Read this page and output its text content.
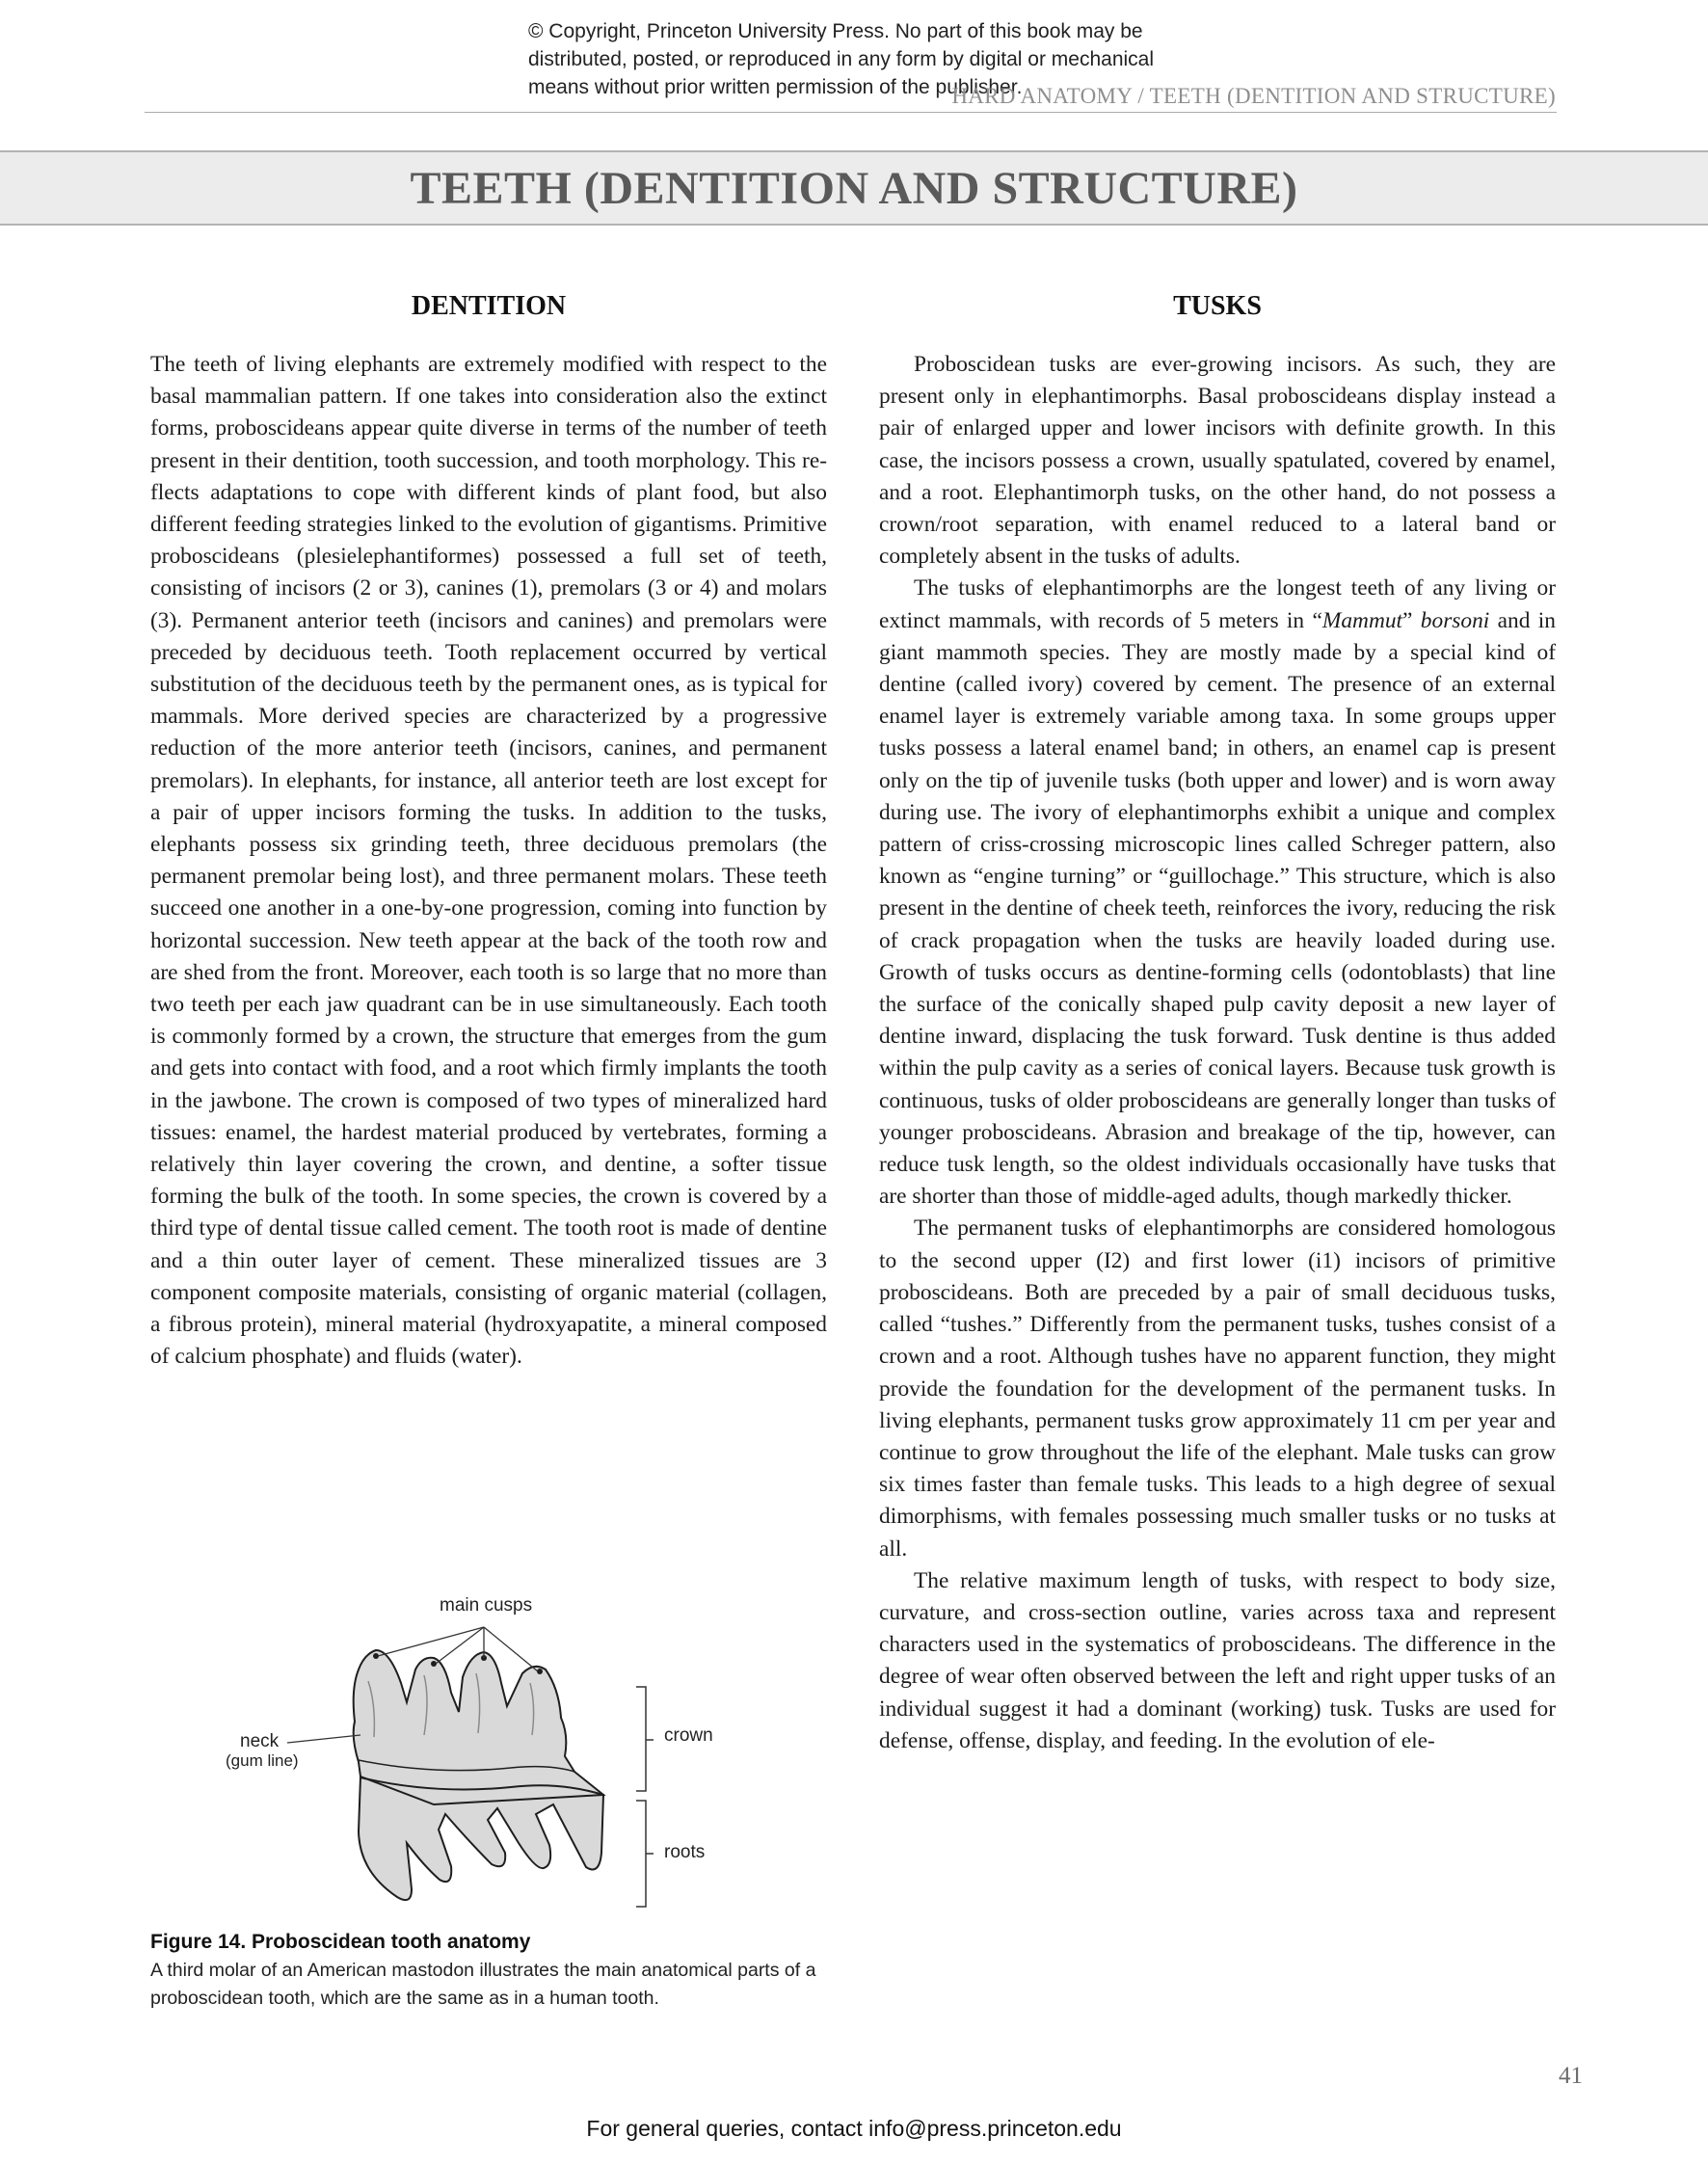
© Copyright, Princeton University Press. No part of this book may be
distributed, posted, or reproduced in any form by digital or mechanical
means without prior written permission of the publisher.
HARD ANATOMY / TEETH (DENTITION AND STRUCTURE)
TEETH (DENTITION AND STRUCTURE)
DENTITION

The teeth of living elephants are extremely modified with respect to the basal mammalian pattern. If one takes into consideration also the extinct forms, proboscideans appear quite diverse in terms of the number of teeth present in their dentition, tooth succession, and tooth morphology. This reflects adaptations to cope with different kinds of plant food, but also different feeding strategies linked to the evolution of gigantisms. Primitive proboscideans (plesielephantiformes) possessed a full set of teeth, consisting of incisors (2 or 3), canines (1), premolars (3 or 4) and molars (3). Permanent anterior teeth (incisors and canines) and premolars were preceded by deciduous teeth. Tooth replacement occurred by vertical substitution of the deciduous teeth by the permanent ones, as is typical for mammals. More derived species are characterized by a progressive reduction of the more anterior teeth (incisors, canines, and permanent premolars). In elephants, for instance, all anterior teeth are lost except for a pair of upper incisors forming the tusks. In addition to the tusks, elephants possess six grinding teeth, three deciduous premolars (the permanent premolar being lost), and three permanent molars. These teeth succeed one another in a one-by-one progression, coming into function by horizontal succession. New teeth appear at the back of the tooth row and are shed from the front. Moreover, each tooth is so large that no more than two teeth per each jaw quadrant can be in use simultaneously. Each tooth is commonly formed by a crown, the structure that emerges from the gum and gets into contact with food, and a root which firmly implants the tooth in the jawbone. The crown is composed of two types of mineralized hard tissues: enamel, the hardest material produced by vertebrates, forming a relatively thin layer covering the crown, and dentine, a softer tissue forming the bulk of the tooth. In some species, the crown is covered by a third type of dental tissue called cement. The tooth root is made of dentine and a thin outer layer of cement. These mineralized tissues are 3 component composite materials, consisting of organic material (collagen, a fibrous protein), mineral material (hydroxyapatite, a mineral composed of calcium phosphate) and fluids (water).

main cusps
crown
neck
(gum line)
roots
Figure 14. Proboscidean tooth anatomy
A third molar of an American mastodon illustrates the main anatomical parts of a proboscidean tooth, which are the same as in a human tooth.
TUSKS

Proboscidean tusks are ever-growing incisors. As such, they are present only in elephantimorphs. Basal proboscideans display instead a pair of enlarged upper and lower incisors with definite growth. In this case, the incisors possess a crown, usually spatulated, covered by enamel, and a root. Elephantimorph tusks, on the other hand, do not possess a crown/root separation, with enamel reduced to a lateral band or completely absent in the tusks of adults.

The tusks of elephantimorphs are the longest teeth of any living or extinct mammals, with records of 5 meters in “Mammut” borsoni and in giant mammoth species. They are mostly made by a special kind of dentine (called ivory) covered by cement. The presence of an external enamel layer is extremely variable among taxa. In some groups upper tusks possess a lateral enamel band; in others, an enamel cap is present only on the tip of juvenile tusks (both upper and lower) and is worn away during use. The ivory of elephantimorphs exhibit a unique and complex pattern of criss-crossing microscopic lines called Schreger pattern, also known as “engine turning” or “guillochage.” This structure, which is also present in the dentine of cheek teeth, reinforces the ivory, reducing the risk of crack propagation when the tusks are heavily loaded during use. Growth of tusks occurs as dentine-forming cells (odontoblasts) that line the surface of the conically shaped pulp cavity deposit a new layer of dentine inward, displacing the tusk forward. Tusk dentine is thus added within the pulp cavity as a series of conical layers. Because tusk growth is continuous, tusks of older proboscideans are generally longer than tusks of younger proboscideans. Abrasion and breakage of the tip, however, can reduce tusk length, so the oldest individuals occasionally have tusks that are shorter than those of middle-aged adults, though markedly thicker.

The permanent tusks of elephantimorphs are considered homologous to the second upper (I2) and first lower (i1) incisors of primitive proboscideans. Both are preceded by a pair of small deciduous tusks, called “tushes.” Differently from the permanent tusks, tushes consist of a crown and a root. Although tushes have no apparent function, they might provide the foundation for the development of the permanent tusks. In living elephants, permanent tusks grow approximately 11 cm per year and continue to grow throughout the life of the elephant. Male tusks can grow six times faster than female tusks. This leads to a high degree of sexual dimorphisms, with females possessing much smaller tusks or no tusks at all.

The relative maximum length of tusks, with respect to body size, curvature, and cross-section outline, varies across taxa and represent characters used in the systematics of proboscideans. The difference in the degree of wear often observed between the left and right upper tusks of an individual suggest it had a dominant (working) tusk. Tusks are used for defense, offense, display, and feeding. In the evolution of ele-

41
For general queries, contact info@press.princeton.edu
